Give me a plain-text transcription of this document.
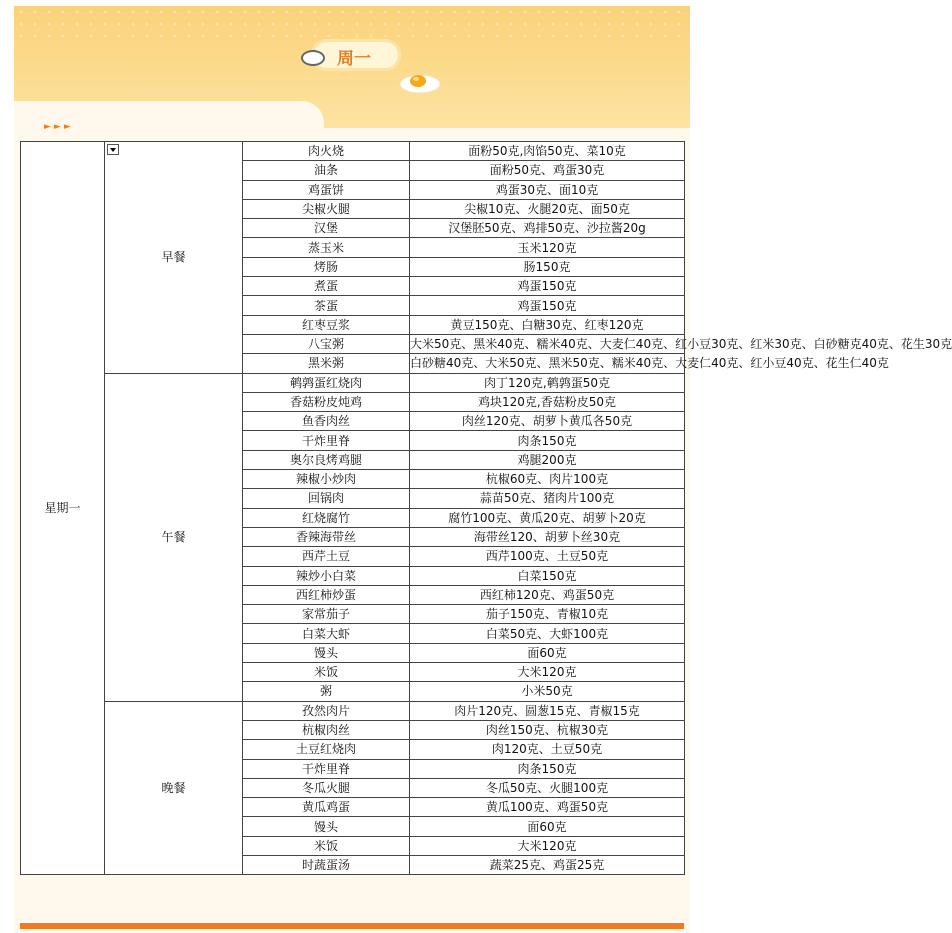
周一
►►►
星期一	早餐	肉火烧	面粉50克,肉馅50克、菜10克
		油条	面粉50克、鸡蛋30克
		鸡蛋饼	鸡蛋30克、面10克
		尖椒火腿	尖椒10克、火腿20克、面50克
		汉堡	汉堡胚50克、鸡排50克、沙拉酱20g
		蒸玉米	玉米120克
		烤肠	肠150克
		煮蛋	鸡蛋150克
		茶蛋	鸡蛋150克
		红枣豆浆	黄豆150克、白糖30克、红枣120克
		八宝粥	大米50克、黑米40克、糯米40克、大麦仁40克、红小豆30克、红米30克、白砂糖克40克、花生30克
		黑米粥	白砂糖40克、大米50克、黑米50克、糯米40克、大麦仁40克、红小豆40克、花生仁40克
	午餐	鹌鹑蛋红烧肉	肉丁120克,鹌鹑蛋50克
		香菇粉皮炖鸡	鸡块120克,香菇粉皮50克
		鱼香肉丝	肉丝120克、胡萝卜黄瓜各50克
		干炸里脊	肉条150克
		奥尔良烤鸡腿	鸡腿200克
		辣椒小炒肉	杭椒60克、肉片100克
		回锅肉	蒜苗50克、猪肉片100克
		红烧腐竹	腐竹100克、黄瓜20克、胡萝卜20克
		香辣海带丝	海带丝120、胡萝卜丝30克
		西芹土豆	西芹100克、土豆50克
		辣炒小白菜	白菜150克
		西红柿炒蛋	西红柿120克、鸡蛋50克
		家常茄子	茄子150克、青椒10克
		白菜大虾	白菜50克、大虾100克
		馒头	面60克
		米饭	大米120克
		粥	小米50克
	晚餐	孜然肉片	肉片120克、圆葱15克、青椒15克
		杭椒肉丝	肉丝150克、杭椒30克
		土豆红烧肉	肉120克、土豆50克
		干炸里脊	肉条150克
		冬瓜火腿	冬瓜50克、火腿100克
		黄瓜鸡蛋	黄瓜100克、鸡蛋50克
		馒头	面60克
		米饭	大米120克
		时蔬蛋汤	蔬菜25克、鸡蛋25克
